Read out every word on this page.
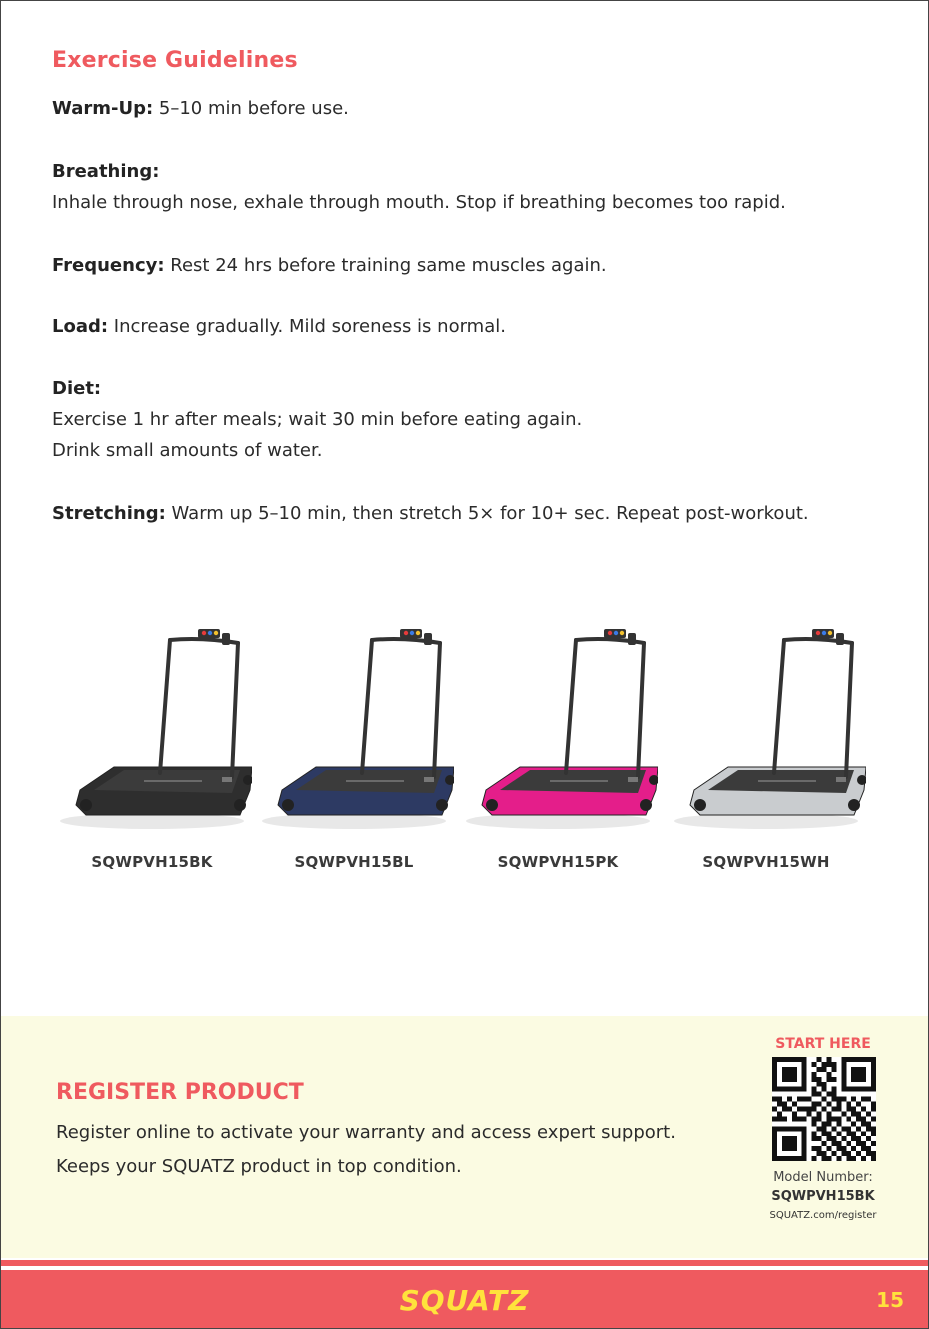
Exercise Guidelines

Warm-Up: 5–10 min before use.

Breathing:
Inhale through nose, exhale through mouth. Stop if breathing becomes too rapid.

Frequency: Rest 24 hrs before training same muscles again.

Load: Increase gradually. Mild soreness is normal.

Diet:
Exercise 1 hr after meals; wait 30 min before eating again.
Drink small amounts of water.

Stretching: Warm up 5–10 min, then stretch 5× for 10+ sec. Repeat post-workout.

SQWPVH15BK	SQWPVH15BL	SQWPVH15PK	SQWPVH15WH
REGISTER PRODUCT
Register online to activate your warranty and access expert support.
Keeps your SQUATZ product in top condition.
START HERE
Model Number:
SQWPVH15BK
SQUATZ.com/register
SQUATZ	15
